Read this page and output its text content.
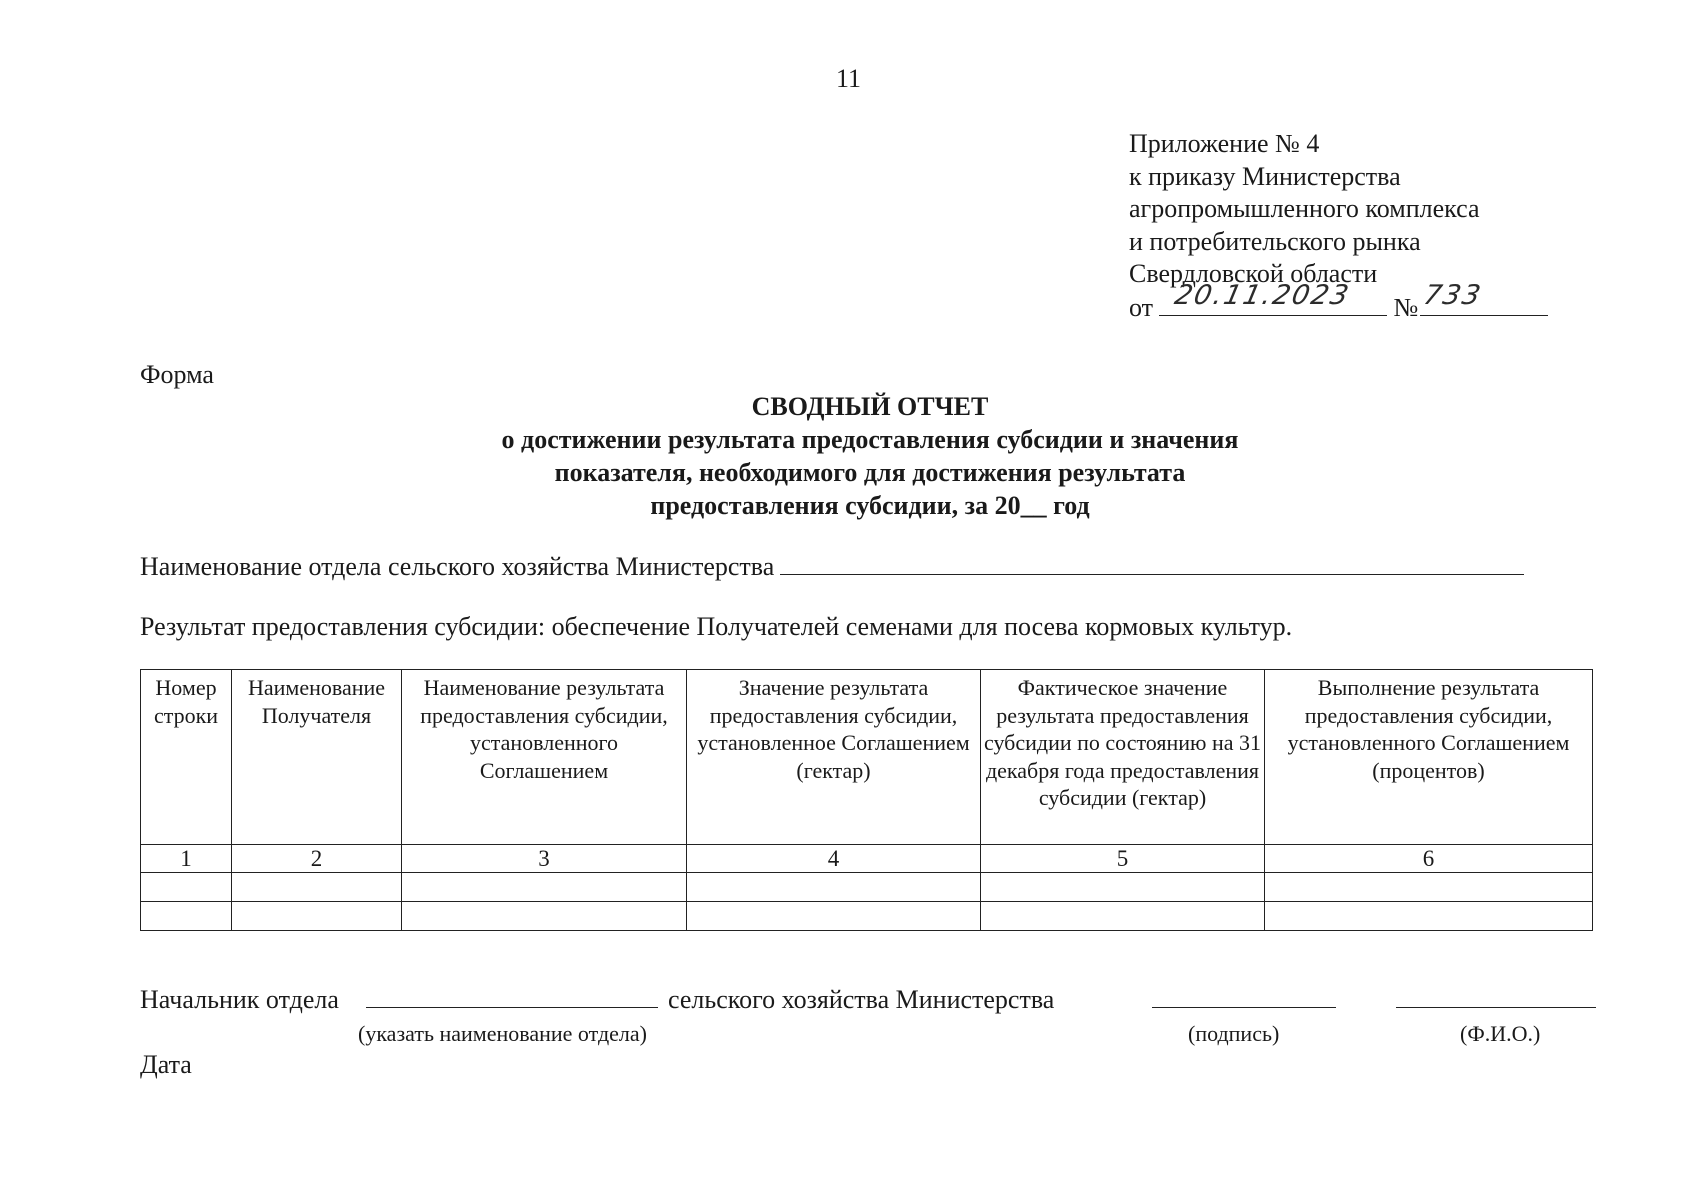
11
Приложение № 4
к приказу Министерства
агропромышленного комплекса
и потребительского рынка
Свердловской области
от 20.11.2023 № 733
Форма
СВОДНЫЙ ОТЧЕТ
о достижении результата предоставления субсидии и значения
показателя, необходимого для достижения результата
предоставления субсидии, за 20__ год
Наименование отдела сельского хозяйства Министерства
Результат предоставления субсидии: обеспечение Получателей семенами для посева кормовых культур.
Номер строки	Наименование Получателя	Наименование результата предоставления субсидии, установленного Соглашением	Значение результата предоставления субсидии, установленное Соглашением (гектар)	Фактическое значение результата предоставления субсидии по состоянию на 31 декабря года предоставления субсидии (гектар)	Выполнение результата предоставления субсидии, установленного Соглашением (процентов)
1	2	3	4	5	6

Начальник отдела	сельского хозяйства Министерства
(указать наименование отдела)	(подпись)	(Ф.И.О.)
Дата
